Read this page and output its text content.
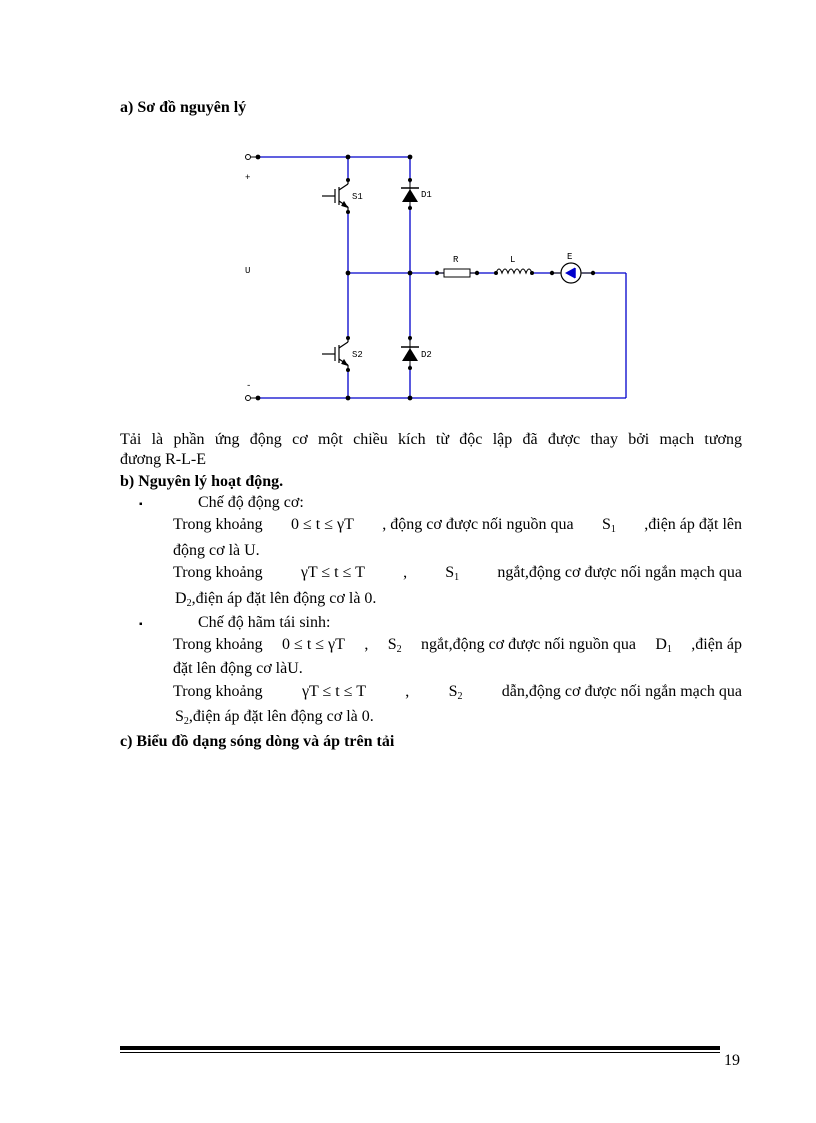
a) Sơ đồ nguyên lý
+
U
-
S1
S2
D1
D2
R	L	E
Tải là phần ứng động cơ một chiều kích từ độc lập đã được thay bởi mạch tương
đương R-L-E
b) Nguyên lý hoạt động.
▪	Chế độ động cơ:
Trong khoảng 0 ≤ t ≤ γT , động cơ được nối nguồn qua $S_1$ ,điện áp đặt lên
động cơ là U.
Trong khoảng γT ≤ t ≤ T , $S_1$ ngắt,động cơ được nối ngắn mạch qua
$D_2,điện$ áp đặt lên động cơ là 0.
▪	Chế độ hãm tái sinh:
Trong khoảng 0 ≤ t ≤ γT , $S_2$ ngắt,động cơ được nối nguồn qua $D_1$ ,điện áp
đặt lên động cơ làU.
Trong khoảng γT ≤ t ≤ T , $S_2$ dẫn,động cơ được nối ngắn mạch qua
$S_2,điện$ áp đặt lên động cơ là 0.
c) Biểu đồ dạng sóng dòng và áp trên tải
19
